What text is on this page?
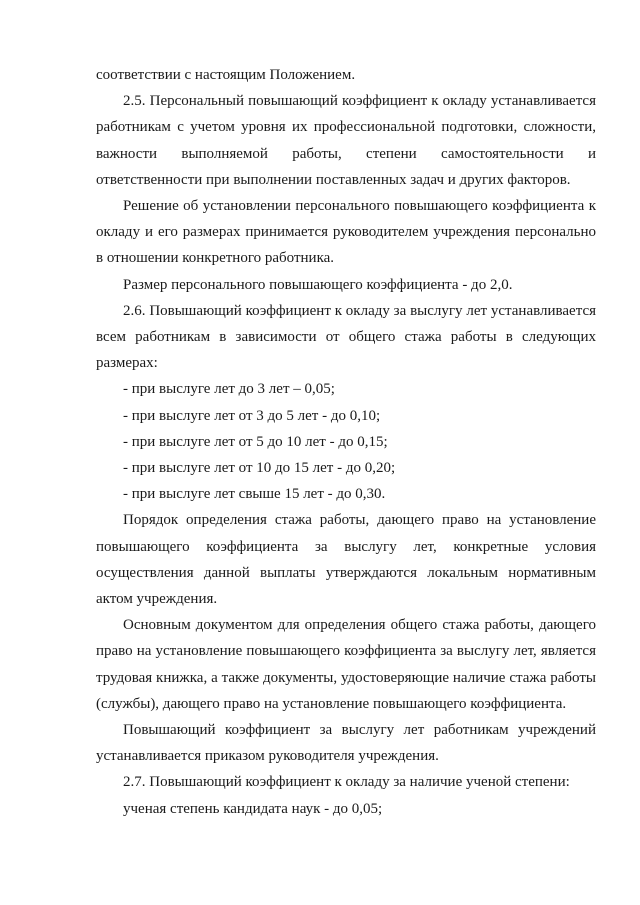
соответствии с настоящим Положением.

2.5. Персональный повышающий коэффициент к окладу устанавливается работникам с учетом уровня их профессиональной подготовки, сложности, важности выполняемой работы, степени самостоятельности и ответственности при выполнении поставленных задач и других факторов.

Решение об установлении персонального повышающего коэффициента к окладу и его размерах принимается руководителем учреждения персонально в отношении конкретного работника.

Размер персонального повышающего коэффициента - до 2,0.

2.6. Повышающий коэффициент к окладу за выслугу лет устанавливается всем работникам в зависимости от общего стажа работы в следующих размерах:

- при выслуге лет до 3 лет – 0,05;

- при выслуге лет от 3 до 5 лет - до 0,10;

- при выслуге лет от 5 до 10 лет - до 0,15;

- при выслуге лет от 10 до 15 лет - до 0,20;

- при выслуге лет свыше 15 лет - до 0,30.

Порядок определения стажа работы, дающего право на установление повышающего коэффициента за выслугу лет, конкретные условия осуществления данной выплаты утверждаются локальным нормативным актом учреждения.

Основным документом для определения общего стажа работы, дающего право на установление повышающего коэффициента за выслугу лет, является трудовая книжка, а также документы, удостоверяющие наличие стажа работы (службы), дающего право на установление повышающего коэффициента.

Повышающий коэффициент за выслугу лет работникам учреждений устанавливается приказом руководителя учреждения.

2.7. Повышающий коэффициент к окладу за наличие ученой степени:

ученая степень кандидата наук - до 0,05;
